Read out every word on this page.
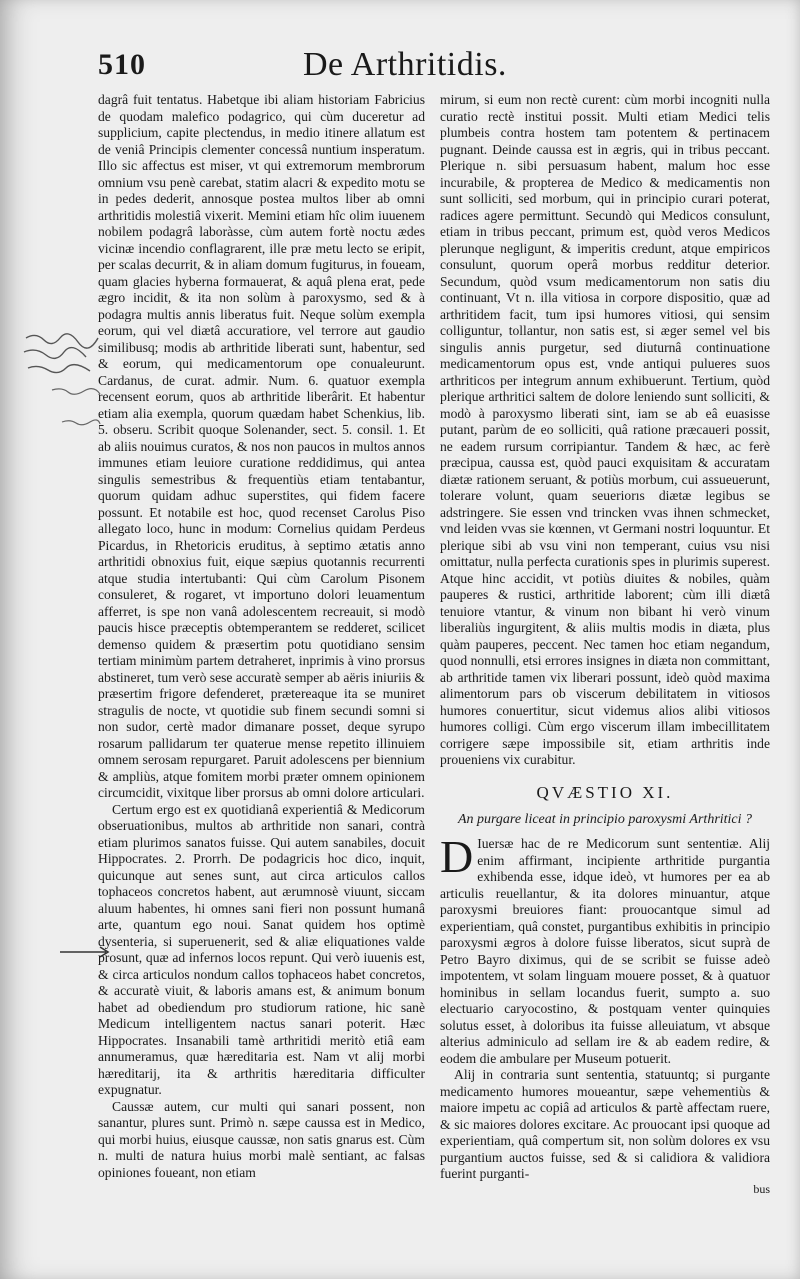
510	De Arthritidis.

dagrâ fuit tentatus. Habetque ibi aliam historiam Fabricius de quodam malefico podagrico, qui cùm duceretur ad supplicium, capite plectendus, in medio itinere allatum est de veniâ Principis clementer concessâ nuntium insperatum. Illo sic affectus est miser, vt qui extremorum membrorum omnium vsu penè carebat, statim alacri & expedito motu se in pedes dederit, annosque postea multos liber ab omni arthritidis molestiâ vixerit. Memini etiam hîc olim iuuenem nobilem podagrâ laboràsse, cùm autem fortè noctu ædes vicinæ incendio conflagrarent, ille præ metu lecto se eripit, per scalas decurrit, & in aliam domum fugiturus, in foueam, quam glacies hyberna formauerat, & aquâ plena erat, pede ægro incidit, & ita non solùm à paroxysmo, sed & à podagra multis annis liberatus fuit. Neque solùm exempla eorum, qui vel diætâ accuratiore, vel terrore aut gaudio similibusq; modis ab arthritide liberati sunt, habentur, sed & eorum, qui medicamentorum ope conualeurunt. Cardanus, de curat. admir. Num. 6. quatuor exempla recensent eorum, quos ab arthritide liberârit. Et habentur etiam alia exempla, quorum quædam habet Schenkius, lib. 5. obseru. Scribit quoque Solenander, sect. 5. consil. 1. Et ab aliis nouimus curatos, & nos non paucos in multos annos immunes etiam leuiore curatione reddidimus, qui antea singulis semestribus & frequentiùs etiam tentabantur, quorum quidam adhuc superstites, qui fidem facere possunt. Et notabile est hoc, quod recenset Carolus Piso allegato loco, hunc in modum: Cornelius quidam Perdeus Picardus, in Rhetoricis eruditus, à septimo ætatis anno arthritidi obnoxius fuit, eique sæpius quotannis recurrenti atque studia intertubanti: Qui cùm Carolum Pisonem consuleret, & rogaret, vt importuno dolori leuamentum afferret, is spe non vanâ adolescentem recreauit, si modò paucis hisce præceptis obtemperantem se redderet, scilicet demenso quidem & præsertim potu quotidiano sensim tertiam minimùm partem detraheret, inprimis à vino prorsus abstineret, tum verò sese accuratè semper ab aëris iniuriis & præsertim frigore defenderet, prætereaque ita se muniret stragulis de nocte, vt quotidie sub finem secundi somni si non sudor, certè mador dimanare posset, deque syrupo rosarum pallidarum ter quaterue mense repetito illinuiem omnem serosam repurgaret. Paruit adolescens per biennium & ampliùs, atque fomitem morbi præter omnem opinionem circumcidit, vixitque liber prorsus ab omni dolore articulari.

Certum ergo est ex quotidianâ experientiâ & Medicorum obseruationibus, multos ab arthritide non sanari, contrà etiam plurimos sanatos fuisse. Qui autem sanabiles, docuit Hippocrates. 2. Prorrh. De podagricis hoc dico, inquit, quicunque aut senes sunt, aut circa articulos callos tophaceos concretos habent, aut ærumnosè viuunt, siccam aluum habentes, hi omnes sani fieri non possunt humanâ arte, quantum ego noui. Sanat quidem hos optimè dysenteria, si superuenerit, sed & aliæ eliquationes valde prosunt, quæ ad infernos locos repunt. Qui verò iuuenis est, & circa articulos nondum callos tophaceos habet concretos, & accuratè viuit, & laboris amans est, & animum bonum habet ad obediendum pro studiorum ratione, hic sanè Medicum intelligentem nactus sanari poterit. Hæc Hippocrates. Insanabili tamè arthritidi meritò etiâ eam annumeramus, quæ hæreditaria est. Nam vt alij morbi hæreditarij, ita & arthritis hæreditaria difficulter expugnatur.

Caussæ autem, cur multi qui sanari possent, non sanantur, plures sunt. Primò n. sæpe caussa est in Medico, qui morbi huius, eiusque caussæ, non satis gnarus est. Cùm n. multi de natura huius morbi malè sentiant, ac falsas opiniones foueant, non etiam

mirum, si eum non rectè curent: cùm morbi incogniti nulla curatio rectè institui possit. Multi etiam Medici telis plumbeis contra hostem tam potentem & pertinacem pugnant. Deinde caussa est in ægris, qui in tribus peccant. Plerique n. sibi persuasum habent, malum hoc esse incurabile, & propterea de Medico & medicamentis non sunt solliciti, sed morbum, qui in principio curari poterat, radices agere permittunt. Secundò qui Medicos consulunt, etiam in tribus peccant, primum est, quòd veros Medicos plerunque negligunt, & imperitis credunt, atque empiricos consulunt, quorum operâ morbus redditur deterior. Secundum, quòd vsum medicamentorum non satis diu continuant, Vt n. illa vitiosa in corpore dispositio, quæ ad arthritidem facit, tum ipsi humores vitiosi, qui sensim colliguntur, tollantur, non satis est, si æger semel vel bis singulis annis purgetur, sed diuturnâ continuatione medicamentorum opus est, vnde antiqui pulueres suos arthriticos per integrum annum exhibuerunt. Tertium, quòd plerique arthritici saltem de dolore leniendo sunt solliciti, & modò à paroxysmo liberati sint, iam se ab eâ euasisse putant, parùm de eo solliciti, quâ ratione præcaueri possit, ne eadem rursum corripiantur. Tandem & hæc, ac ferè præcipua, caussa est, quòd pauci exquisitam & accuratam diætæ rationem seruant, & potiùs morbum, cui assueuerunt, tolerare volunt, quam seueriorıs diætæ legibus se adstringere. Sie essen vnd trincken vvas ihnen schmecket, vnd leiden vvas sie kœnnen, vt Germani nostri loquuntur. Et plerique sibi ab vsu vini non temperant, cuius vsu nisi omittatur, nulla perfecta curationis spes in plurimis superest. Atque hinc accidit, vt potiùs diuites & nobiles, quàm pauperes & rustici, arthritide laborent; cùm illi diætâ tenuiore vtantur, & vinum non bibant hi verò vinum liberaliùs ingurgitent, & aliis multis modis in diæta, plus quàm pauperes, peccent. Nec tamen hoc etiam negandum, quod nonnulli, etsi errores insignes in diæta non committant, ab arthritide tamen vix liberari possunt, ideò quòd maxima alimentorum pars ob viscerum debilitatem in vitiosos humores conuertitur, sicut videmus alios alibi vitiosos humores colligi. Cùm ergo viscerum illam imbecillitatem corrigere sæpe impossibile sit, etiam arthritis inde proueniens vix curabitur.

QVÆSTIO XI.
An purgare liceat in principio paroxysmi Arthritici ?

D Iuersæ hac de re Medicorum sunt sententiæ. Alij enim affirmant, incipiente arthritide purgantia exhibenda esse, idque ideò, vt humores per ea ab articulis reuellantur, & ita dolores minuantur, atque paroxysmi breuiores fiant: prouocantque simul ad experientiam, quâ constet, purgantibus exhibitis in principio paroxysmi ægros à dolore fuisse liberatos, sicut suprà de Petro Bayro diximus, qui de se scribit se fuisse adeò impotentem, vt solam linguam mouere posset, & à quatuor hominibus in sellam locandus fuerit, sumpto a. suo electuario caryocostino, & postquam venter quinquies solutus esset, à doloribus ita fuisse alleuiatum, vt absque alterius adminiculo ad sellam ire & ab eadem redire, & eodem die ambulare per Museum potuerit.

Alij in contraria sunt sententia, statuuntq; si purgante medicamento humores moueantur, sæpe vehementiùs & maiore impetu ac copiâ ad articulos & partè affectam ruere, & sic maiores dolores excitare. Ac prouocant ipsi quoque ad experientiam, quâ compertum sit, non solùm dolores ex vsu purgantium auctos fuisse, sed & si calidiora & validiora fuerint purganti-

bus
